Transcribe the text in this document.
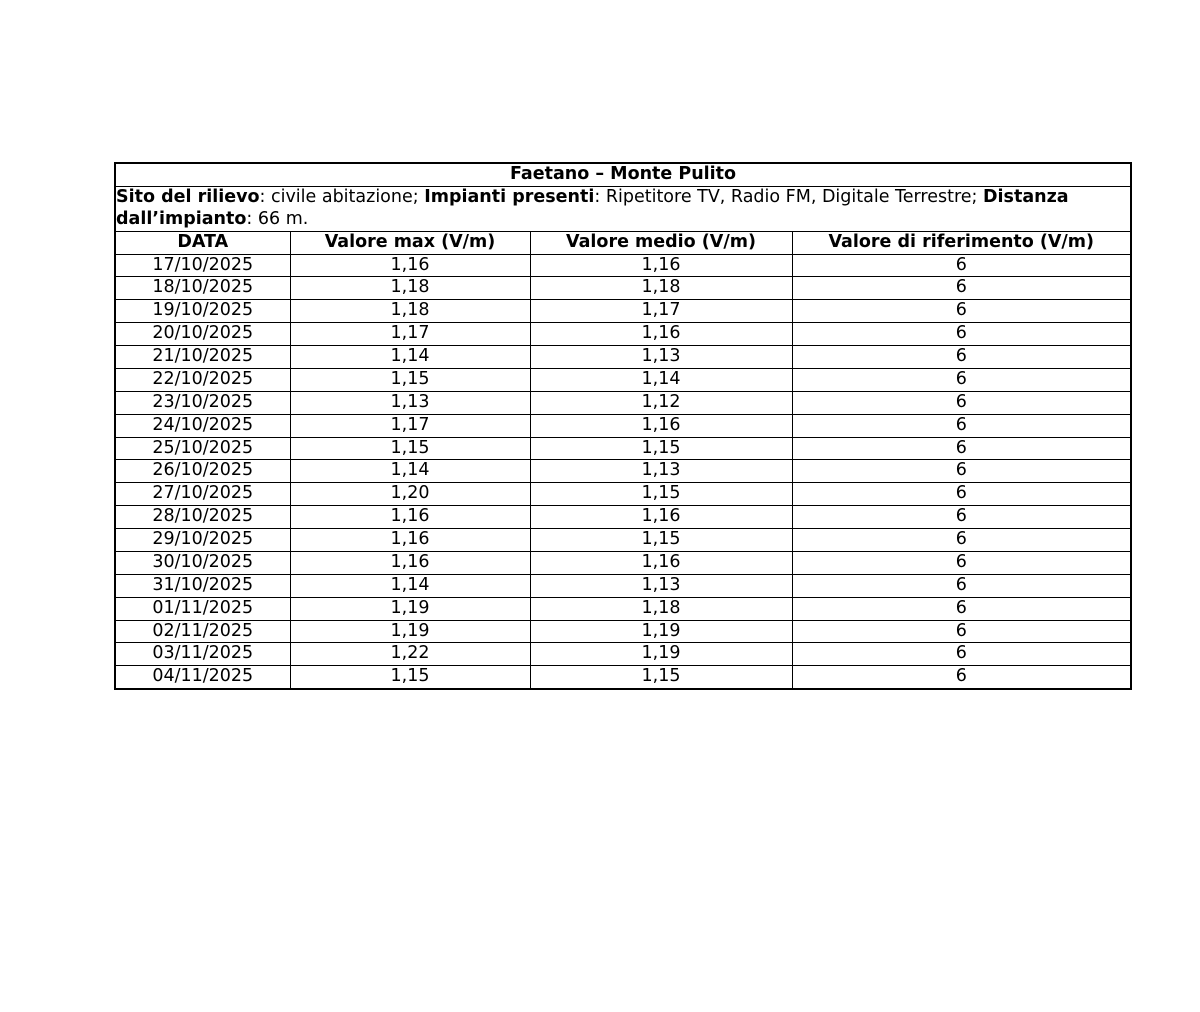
Faetano – Monte Pulito			
Sito del rilievo: civile abitazione; Impianti presenti: Ripetitore TV, Radio FM, Digitale Terrestre; Distanza dall’impianto: 66 m.			
DATA	Valore max (V/m)	Valore medio (V/m)	Valore di riferimento (V/m)
17/10/2025	1,16	1,16	6
18/10/2025	1,18	1,18	6
19/10/2025	1,18	1,17	6
20/10/2025	1,17	1,16	6
21/10/2025	1,14	1,13	6
22/10/2025	1,15	1,14	6
23/10/2025	1,13	1,12	6
24/10/2025	1,17	1,16	6
25/10/2025	1,15	1,15	6
26/10/2025	1,14	1,13	6
27/10/2025	1,20	1,15	6
28/10/2025	1,16	1,16	6
29/10/2025	1,16	1,15	6
30/10/2025	1,16	1,16	6
31/10/2025	1,14	1,13	6
01/11/2025	1,19	1,18	6
02/11/2025	1,19	1,19	6
03/11/2025	1,22	1,19	6
04/11/2025	1,15	1,15	6
